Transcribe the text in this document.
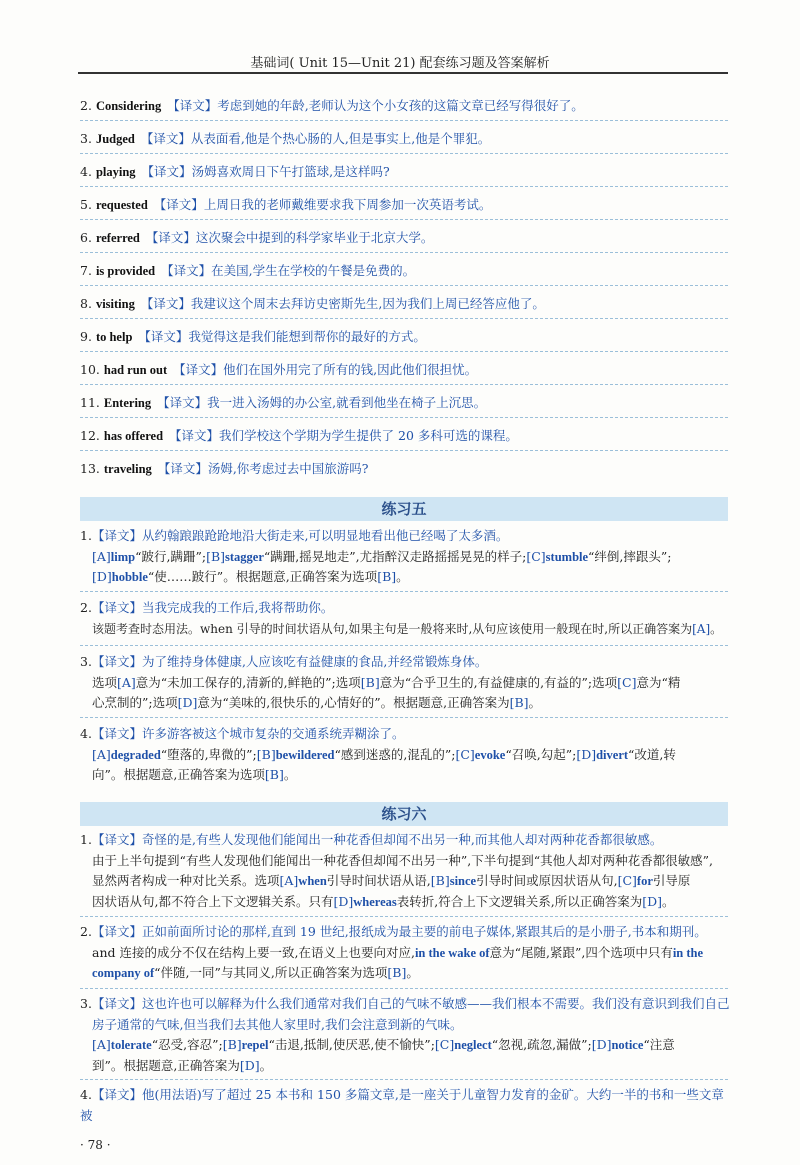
基础词( Unit 15—Unit 21) 配套练习题及答案解析
2. Considering 【译文】考虑到她的年龄,老师认为这个小女孩的这篇文章已经写得很好了。
3. Judged 【译文】从表面看,他是个热心肠的人,但是事实上,他是个罪犯。
4. playing 【译文】汤姆喜欢周日下午打篮球,是这样吗?
5. requested 【译文】上周日我的老师戴维要求我下周参加一次英语考试。
6. referred 【译文】这次聚会中提到的科学家毕业于北京大学。
7. is provided 【译文】在美国,学生在学校的午餐是免费的。
8. visiting 【译文】我建议这个周末去拜访史密斯先生,因为我们上周已经答应他了。
9. to help 【译文】我觉得这是我们能想到帮你的最好的方式。
10. had run out 【译文】他们在国外用完了所有的钱,因此他们很担忧。
11. Entering 【译文】我一进入汤姆的办公室,就看到他坐在椅子上沉思。
12. has offered 【译文】我们学校这个学期为学生提供了 20 多科可选的课程。
13. traveling 【译文】汤姆,你考虑过去中国旅游吗?
练习五
1.【译文】从约翰踉踉跄跄地沿大街走来,可以明显地看出他已经喝了太多酒。
[A]limp“跛行,蹒跚”;[B]stagger“蹒跚,摇晃地走”,尤指醉汉走路摇摇晃晃的样子;[C]stumble“绊倒,摔跟头”;
[D]hobble“使……跛行”。根据题意,正确答案为选项[B]。
2.【译文】当我完成我的工作后,我将帮助你。
该题考查时态用法。when 引导的时间状语从句,如果主句是一般将来时,从句应该使用一般现在时,所以正确答案为[A]。
3.【译文】为了维持身体健康,人应该吃有益健康的食品,并经常锻炼身体。
选项[A]意为“未加工保存的,清新的,鲜艳的”;选项[B]意为“合乎卫生的,有益健康的,有益的”;选项[C]意为“精
心烹制的”;选项[D]意为“美味的,很快乐的,心情好的”。根据题意,正确答案为[B]。
4.【译文】许多游客被这个城市复杂的交通系统弄糊涂了。
[A]degraded“堕落的,卑微的”;[B]bewildered“感到迷惑的,混乱的”;[C]evoke“召唤,勾起”;[D]divert“改道,转
向”。根据题意,正确答案为选项[B]。
练习六
1.【译文】奇怪的是,有些人发现他们能闻出一种花香但却闻不出另一种,而其他人却对两种花香都很敏感。
由于上半句提到“有些人发现他们能闻出一种花香但却闻不出另一种”,下半句提到“其他人却对两种花香都很敏感”,
显然两者构成一种对比关系。选项[A]when引导时间状语从语,[B]since引导时间或原因状语从句,[C]for引导原
因状语从句,都不符合上下文逻辑关系。只有[D]whereas表转折,符合上下文逻辑关系,所以正确答案为[D]。
2.【译文】正如前面所讨论的那样,直到 19 世纪,报纸成为最主要的前电子媒体,紧跟其后的是小册子,书本和期刊。
and 连接的成分不仅在结构上要一致,在语义上也要向对应,in the wake of意为“尾随,紧跟”,四个选项中只有in the
company of“伴随,一同”与其同义,所以正确答案为选项[B]。
3.【译文】这也许也可以解释为什么我们通常对我们自己的气味不敏感——我们根本不需要。我们没有意识到我们自己
房子通常的气味,但当我们去其他人家里时,我们会注意到新的气味。
[A]tolerate“忍受,容忍”;[B]repel“击退,抵制,使厌恶,使不愉快”;[C]neglect“忽视,疏忽,漏做”;[D]notice“注意
到”。根据题意,正确答案为[D]。
4.【译文】他(用法语)写了超过 25 本书和 150 多篇文章,是一座关于儿童智力发育的金矿。大约一半的书和一些文章被
· 78 ·
